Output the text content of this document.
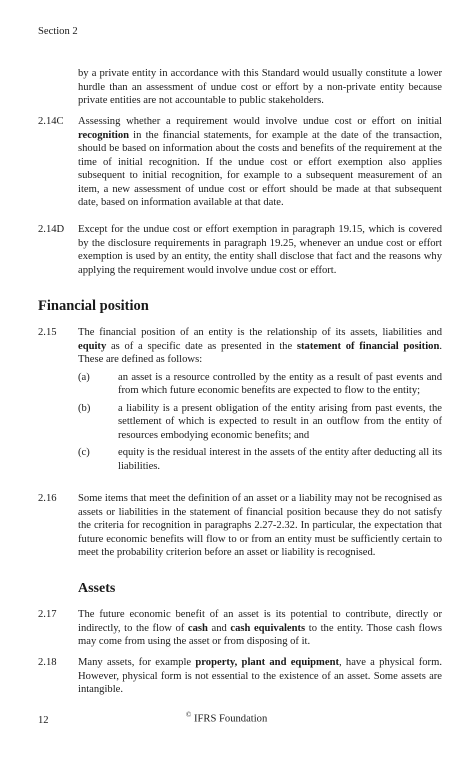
Section 2
by a private entity in accordance with this Standard would usually constitute a lower hurdle than an assessment of undue cost or effort by a non-private entity because private entities are not accountable to public stakeholders.
2.14C Assessing whether a requirement would involve undue cost or effort on initial recognition in the financial statements, for example at the date of the transaction, should be based on information about the costs and benefits of the requirement at the time of initial recognition. If the undue cost or effort exemption also applies subsequent to initial recognition, for example to a subsequent measurement of an item, a new assessment of undue cost or effort should be made at that subsequent date, based on information available at that date.
2.14D Except for the undue cost or effort exemption in paragraph 19.15, which is covered by the disclosure requirements in paragraph 19.25, whenever an undue cost or effort exemption is used by an entity, the entity shall disclose that fact and the reasons why applying the requirement would involve undue cost or effort.
Financial position
2.15 The financial position of an entity is the relationship of its assets, liabilities and equity as of a specific date as presented in the statement of financial position. These are defined as follows:
(a)	an asset is a resource controlled by the entity as a result of past events and from which future economic benefits are expected to flow to the entity;
(b)	a liability is a present obligation of the entity arising from past events, the settlement of which is expected to result in an outflow from the entity of resources embodying economic benefits; and
(c)	equity is the residual interest in the assets of the entity after deducting all its liabilities.
2.16 Some items that meet the definition of an asset or a liability may not be recognised as assets or liabilities in the statement of financial position because they do not satisfy the criteria for recognition in paragraphs 2.27-2.32. In particular, the expectation that future economic benefits will flow to or from an entity must be sufficiently certain to meet the probability criterion before an asset or liability is recognised.
Assets
2.17 The future economic benefit of an asset is its potential to contribute, directly or indirectly, to the flow of cash and cash equivalents to the entity. Those cash flows may come from using the asset or from disposing of it.
2.18 Many assets, for example property, plant and equipment, have a physical form. However, physical form is not essential to the existence of an asset. Some assets are intangible.
12	© IFRS Foundation
